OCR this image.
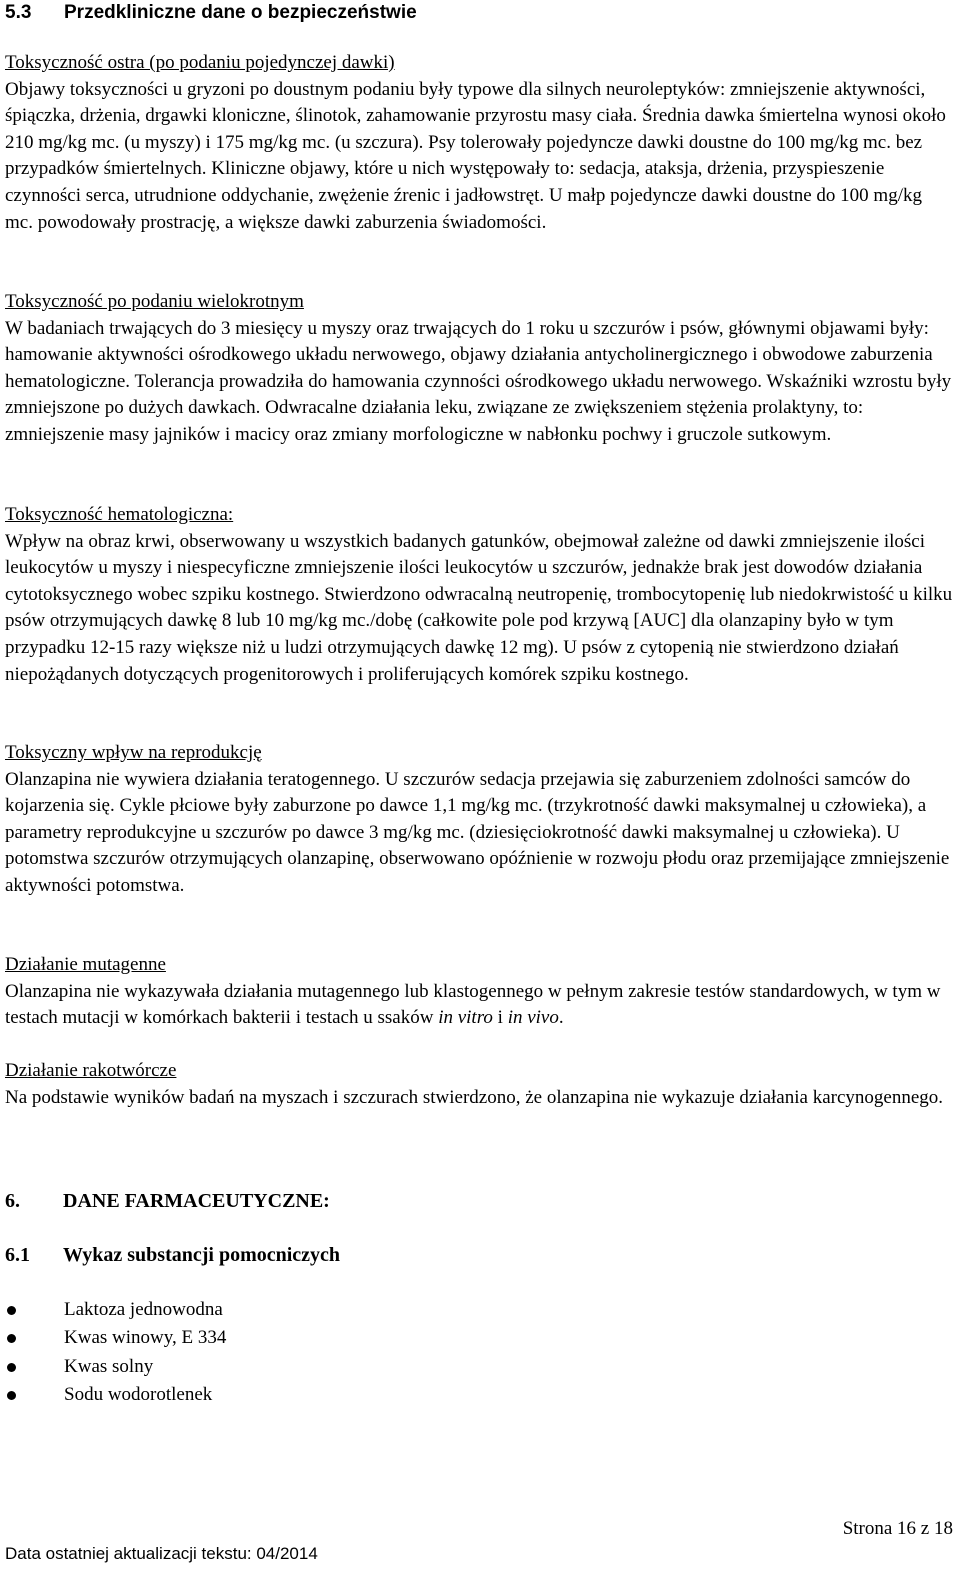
5.3 Przedkliniczne dane o bezpieczeństwie
Toksyczność ostra (po podaniu pojedynczej dawki)
Objawy toksyczności u gryzoni po doustnym podaniu były typowe dla silnych neuroleptyków: zmniejszenie aktywności, śpiączka, drżenia, drgawki kloniczne, ślinotok, zahamowanie przyrostu masy ciała. Średnia dawka śmiertelna wynosi około 210 mg/kg mc. (u myszy) i 175 mg/kg mc. (u szczura). Psy tolerowały pojedyncze dawki doustne do 100 mg/kg mc. bez przypadków śmiertelnych. Kliniczne objawy, które u nich występowały to: sedacja, ataksja, drżenia, przyspieszenie czynności serca, utrudnione oddychanie, zwężenie źrenic i jadłowstręt. U małp pojedyncze dawki doustne do 100 mg/kg mc. powodowały prostrację, a większe dawki zaburzenia świadomości.
Toksyczność po podaniu wielokrotnym
W badaniach trwających do 3 miesięcy u myszy oraz trwających do 1 roku u szczurów i psów, głównymi objawami były: hamowanie aktywności ośrodkowego układu nerwowego, objawy działania antycholinergicznego i obwodowe zaburzenia hematologiczne. Tolerancja prowadziła do hamowania czynności ośrodkowego układu nerwowego. Wskaźniki wzrostu były zmniejszone po dużych dawkach. Odwracalne działania leku, związane ze zwiększeniem stężenia prolaktyny, to: zmniejszenie masy jajników i macicy oraz zmiany morfologiczne w nabłonku pochwy i gruczole sutkowym.
Toksyczność hematologiczna:
Wpływ na obraz krwi, obserwowany u wszystkich badanych gatunków, obejmował zależne od dawki zmniejszenie ilości leukocytów u myszy i niespecyficzne zmniejszenie ilości leukocytów u szczurów, jednakże brak jest dowodów działania cytotoksycznego wobec szpiku kostnego. Stwierdzono odwracalną neutropenię, trombocytopenię lub niedokrwistość u kilku psów otrzymujących dawkę 8 lub 10 mg/kg mc./dobę (całkowite pole pod krzywą [AUC] dla olanzapiny było w tym przypadku 12-15 razy większe niż u ludzi otrzymujących dawkę 12 mg). U psów z cytopenią nie stwierdzono działań niepożądanych dotyczących progenitorowych i proliferujących komórek szpiku kostnego.
Toksyczny wpływ na reprodukcję
Olanzapina nie wywiera działania teratogennego. U szczurów sedacja przejawia się zaburzeniem zdolności samców do kojarzenia się. Cykle płciowe były zaburzone po dawce 1,1 mg/kg mc. (trzykrotność dawki maksymalnej u człowieka), a parametry reprodukcyjne u szczurów po dawce 3 mg/kg mc. (dziesięciokrotność dawki maksymalnej u człowieka). U potomstwa szczurów otrzymujących olanzapinę, obserwowano opóźnienie w rozwoju płodu oraz przemijające zmniejszenie aktywności potomstwa.
Działanie mutagenne
Olanzapina nie wykazywała działania mutagennego lub klastogennego w pełnym zakresie testów standardowych, w tym w testach mutacji w komórkach bakterii i testach u ssaków in vitro i in vivo.
Działanie rakotwórcze
Na podstawie wyników badań na myszach i szczurach stwierdzono, że olanzapina nie wykazuje działania karcynogennego.
6. DANE FARMACEUTYCZNE:
6.1 Wykaz substancji pomocniczych
Laktoza jednowodna
Kwas winowy, E 334
Kwas solny
Sodu wodorotlenek
Strona 16 z 18
Data ostatniej aktualizacji tekstu: 04/2014
